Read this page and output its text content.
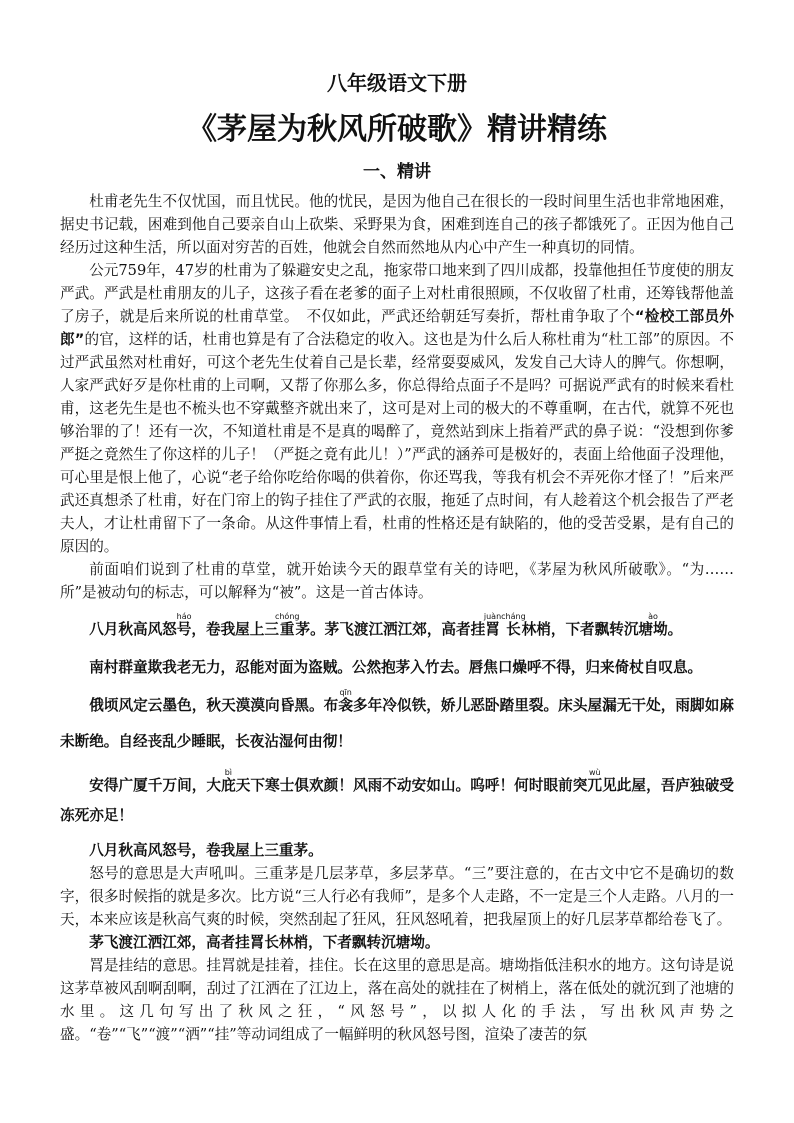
八年级语文下册
《茅屋为秋风所破歌》精讲精练
一、精讲

杜甫老先生不仅忧国，而且忧民。他的忧民，是因为他自己在很长的一段时间里生活也非常地困难，据史书记载，困难到他自己要亲自山上砍柴、采野果为食，困难到连自己的孩子都饿死了。正因为他自己经历过这种生活，所以面对穷苦的百姓，他就会自然而然地从内心中产生一种真切的同情。

公元759年，47岁的杜甫为了躲避安史之乱，拖家带口地来到了四川成都，投靠他担任节度使的朋友严武。严武是杜甫朋友的儿子，这孩子看在老爹的面子上对杜甫很照顾，不仅收留了杜甫，还筹钱帮他盖了房子，就是后来所说的杜甫草堂。　不仅如此，严武还给朝廷写奏折，帮杜甫争取了个“检校工部员外郎”的官，这样的话，杜甫也算是有了合法稳定的收入。这也是为什么后人称杜甫为“杜工部”的原因。不过严武虽然对杜甫好，可这个老先生仗着自己是长辈，经常耍耍威风，发发自己大诗人的脾气。你想啊，人家严武好歹是你杜甫的上司啊，又帮了你那么多，你总得给点面子不是吗？可据说严武有的时候来看杜甫，这老先生是也不梳头也不穿戴整齐就出来了，这可是对上司的极大的不尊重啊，在古代，就算不死也够治罪的了！还有一次，不知道杜甫是不是真的喝醉了，竟然站到床上指着严武的鼻子说：“没想到你爹严挺之竟然生了你这样的儿子！（严挺之竟有此儿！）”严武的涵养可是极好的，表面上给他面子没理他，可心里是恨上他了，心说“老子给你吃给你喝的供着你，你还骂我，等我有机会不弄死你才怪了！”后来严武还真想杀了杜甫，好在门帘上的钩子挂住了严武的衣服，拖延了点时间，有人趁着这个机会报告了严老夫人，才让杜甫留下了一条命。从这件事情上看，杜甫的性格还是有缺陷的，他的受苦受累，是有自己的原因的。

前面咱们说到了杜甫的草堂，就开始读今天的跟草堂有关的诗吧，《茅屋为秋风所破歌》。“为……所”是被动句的标志，可以解释为“被”。这是一首古体诗。

八月秋高风怒号háo，卷我屋上三重chóng茅。茅飞渡江洒江郊，高者挂罥juàn长cháng林梢，下者飘转沉塘坳ào。

南村群童欺我老无力，忍能对面为盗贼。公然抱茅入竹去。唇焦口燥呼不得，归来倚杖自叹息。

俄顷风定云墨色，秋天漠漠向昏黑。布衾qīn多年冷似铁，娇儿恶卧踏里裂。床头屋漏无干处，雨脚如麻未断绝。自经丧乱少睡眠，长夜沾湿何由彻！

安得广厦千万间，大庇bì天下寒士俱欢颜！风雨不动安如山。呜呼！何时眼前突兀wù见此屋，吾庐独破受冻死亦足！

八月秋高风怒号，卷我屋上三重茅。

怒号的意思是大声吼叫。三重茅是几层茅草，多层茅草。“三”要注意的，在古文中它不是确切的数字，很多时候指的就是多次。比方说“三人行必有我师”，是多个人走路，不一定是三个人走路。八月的一天，本来应该是秋高气爽的时候，突然刮起了狂风，狂风怒吼着，把我屋顶上的好几层茅草都给卷飞了。

茅飞渡江洒江郊，高者挂罥长林梢，下者飘转沉塘坳。

罥是挂结的意思。挂罥就是挂着，挂住。长在这里的意思是高。塘坳指低洼积水的地方。这句诗是说这茅草被风刮啊刮啊，刮过了江洒在了江边上，落在高处的就挂在了树梢上，落在低处的就沉到了池塘的水里。这几句写出了秋风之狂，“风怒号”，以拟人化的手法，写出秋风声势之盛。“卷”“飞”“渡”“洒”“挂”等动词组成了一幅鲜明的秋风怒号图，渲染了凄苦的氛
